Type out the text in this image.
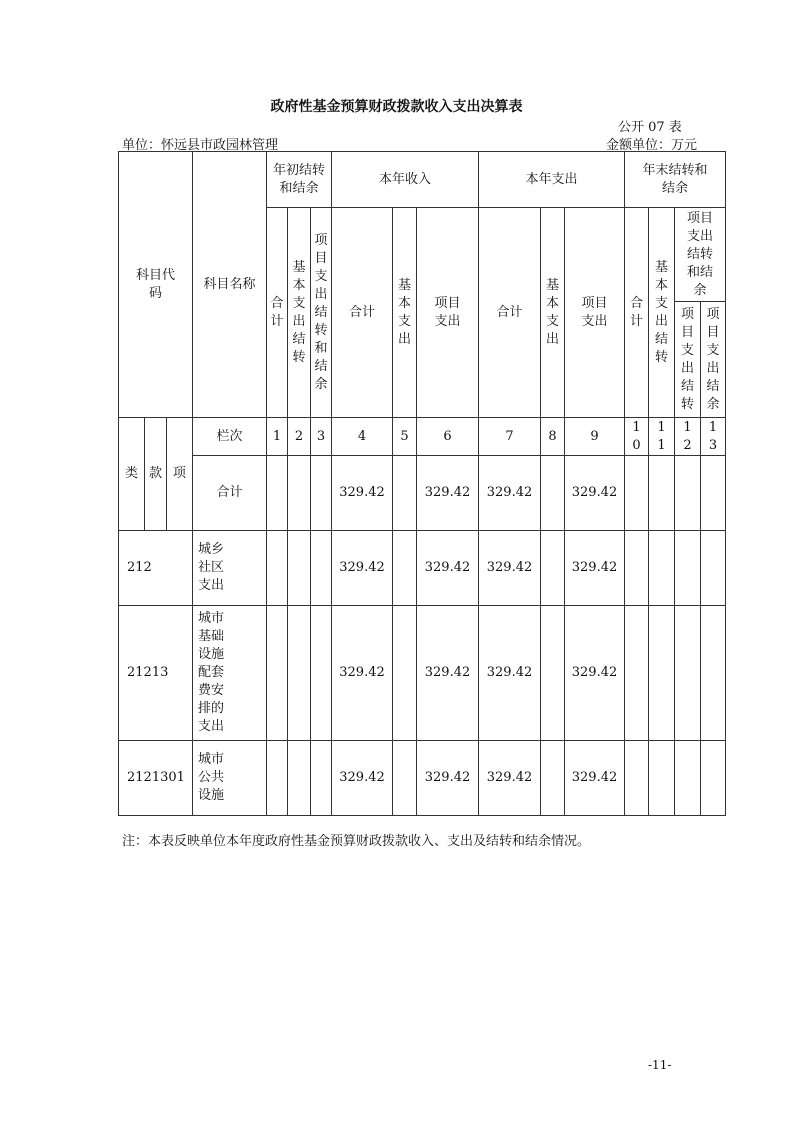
政府性基金预算财政拨款收入支出决算表
公开 07 表
单位：怀远县市政园林管理	金额单位：万元
科目代码			科目名称	年初结转和结余			本年收入			本年支出			年末结转和结余			
				合计	基本支出结转	项目支出结转和结余	合计	基本支出	项目支出	合计	基本支出	项目支出	合计	基本支出结转	项目支出结转和结余	
															项目支出结转	项目支出结余
类	款	项	栏次	1	2	3	4	5	6	7	8	9	10	11	12	13
			合计				329.42		329.42	329.42		329.42				
212			城乡社区支出				329.42		329.42	329.42		329.42				
21213			城市基础设施配套费安排的支出				329.42		329.42	329.42		329.42				
2121301			城市公共设施				329.42		329.42	329.42		329.42				
注：本表反映单位本年度政府性基金预算财政拨款收入、支出及结转和结余情况。
-11-
